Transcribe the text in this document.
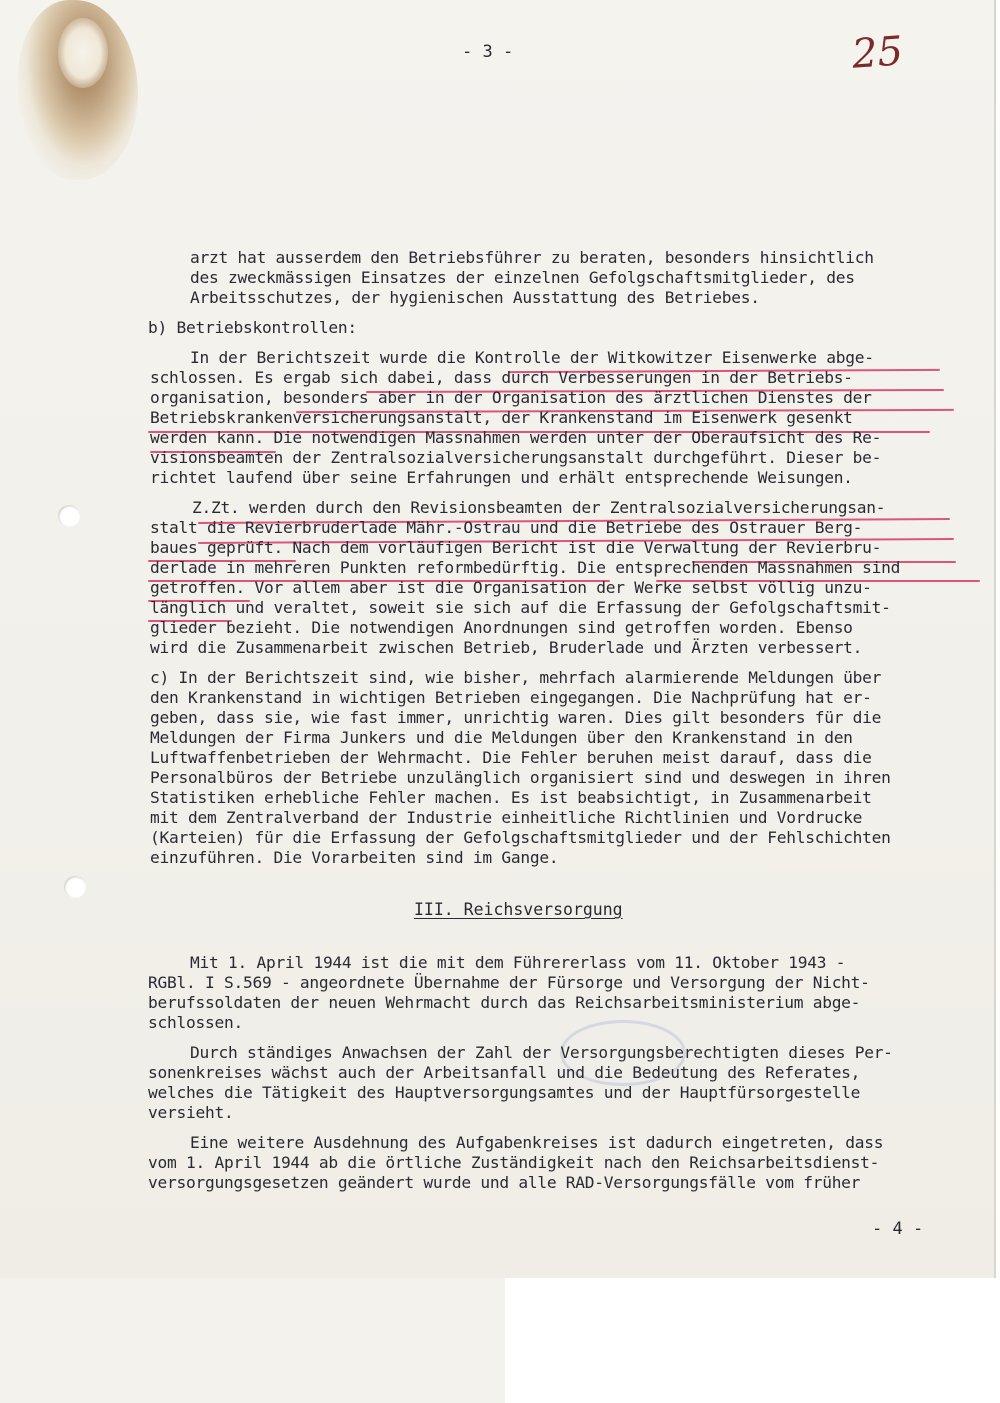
- 3 -	25
arzt hat ausserdem den Betriebsführer zu beraten, besonders hinsichtlich
des zweckmässigen Einsatzes der einzelnen Gefolgschaftsmitglieder, des
Arbeitsschutzes, der hygienischen Ausstattung des Betriebes.
b) Betriebskontrollen:
In der Berichtszeit wurde die Kontrolle der Witkowitzer Eisenwerke abge-
schlossen. Es ergab sich dabei, dass durch Verbesserungen in der Betriebs-
organisation, besonders aber in der Organisation des ärztlichen Dienstes der
Betriebskrankenversicherungsanstalt, der Krankenstand im Eisenwerk gesenkt
werden kann. Die notwendigen Massnahmen werden unter der Oberaufsicht des Re-
visionsbeamten der Zentralsozialversicherungsanstalt durchgeführt. Dieser be-
richtet laufend über seine Erfahrungen und erhält entsprechende Weisungen.
Z.Zt. werden durch den Revisionsbeamten der Zentralsozialversicherungsan-
stalt die Revierbruderlade Mähr.-Ostrau und die Betriebe des Ostrauer Berg-
baues geprüft. Nach dem vorläufigen Bericht ist die Verwaltung der Revierbru-
derlade in mehreren Punkten reformbedürftig. Die entsprechenden Massnahmen sind
getroffen. Vor allem aber ist die Organisation der Werke selbst völlig unzu-
länglich und veraltet, soweit sie sich auf die Erfassung der Gefolgschaftsmit-
glieder bezieht. Die notwendigen Anordnungen sind getroffen worden. Ebenso
wird die Zusammenarbeit zwischen Betrieb, Bruderlade und Ärzten verbessert.
c) In der Berichtszeit sind, wie bisher, mehrfach alarmierende Meldungen über
den Krankenstand in wichtigen Betrieben eingegangen. Die Nachprüfung hat er-
geben, dass sie, wie fast immer, unrichtig waren. Dies gilt besonders für die
Meldungen der Firma Junkers und die Meldungen über den Krankenstand in den
Luftwaffenbetrieben der Wehrmacht. Die Fehler beruhen meist darauf, dass die
Personalbüros der Betriebe unzulänglich organisiert sind und deswegen in ihren
Statistiken erhebliche Fehler machen. Es ist beabsichtigt, in Zusammenarbeit
mit dem Zentralverband der Industrie einheitliche Richtlinien und Vordrucke
(Karteien) für die Erfassung der Gefolgschaftsmitglieder und der Fehlschichten
einzuführen. Die Vorarbeiten sind im Gange.
III. Reichsversorgung
Mit 1. April 1944 ist die mit dem Führererlass vom 11. Oktober 1943 -
RGBl. I S.569 - angeordnete Übernahme der Fürsorge und Versorgung der Nicht-
berufssoldaten der neuen Wehrmacht durch das Reichsarbeitsministerium abge-
schlossen.
Durch ständiges Anwachsen der Zahl der Versorgungsberechtigten dieses Per-
sonenkreises wächst auch der Arbeitsanfall und die Bedeutung des Referates,
welches die Tätigkeit des Hauptversorgungsamtes und der Hauptfürsorgestelle
versieht.
Eine weitere Ausdehnung des Aufgabenkreises ist dadurch eingetreten, dass
vom 1. April 1944 ab die örtliche Zuständigkeit nach den Reichsarbeitsdienst-
versorgungsgesetzen geändert wurde und alle RAD-Versorgungsfälle vom früher
- 4 -
